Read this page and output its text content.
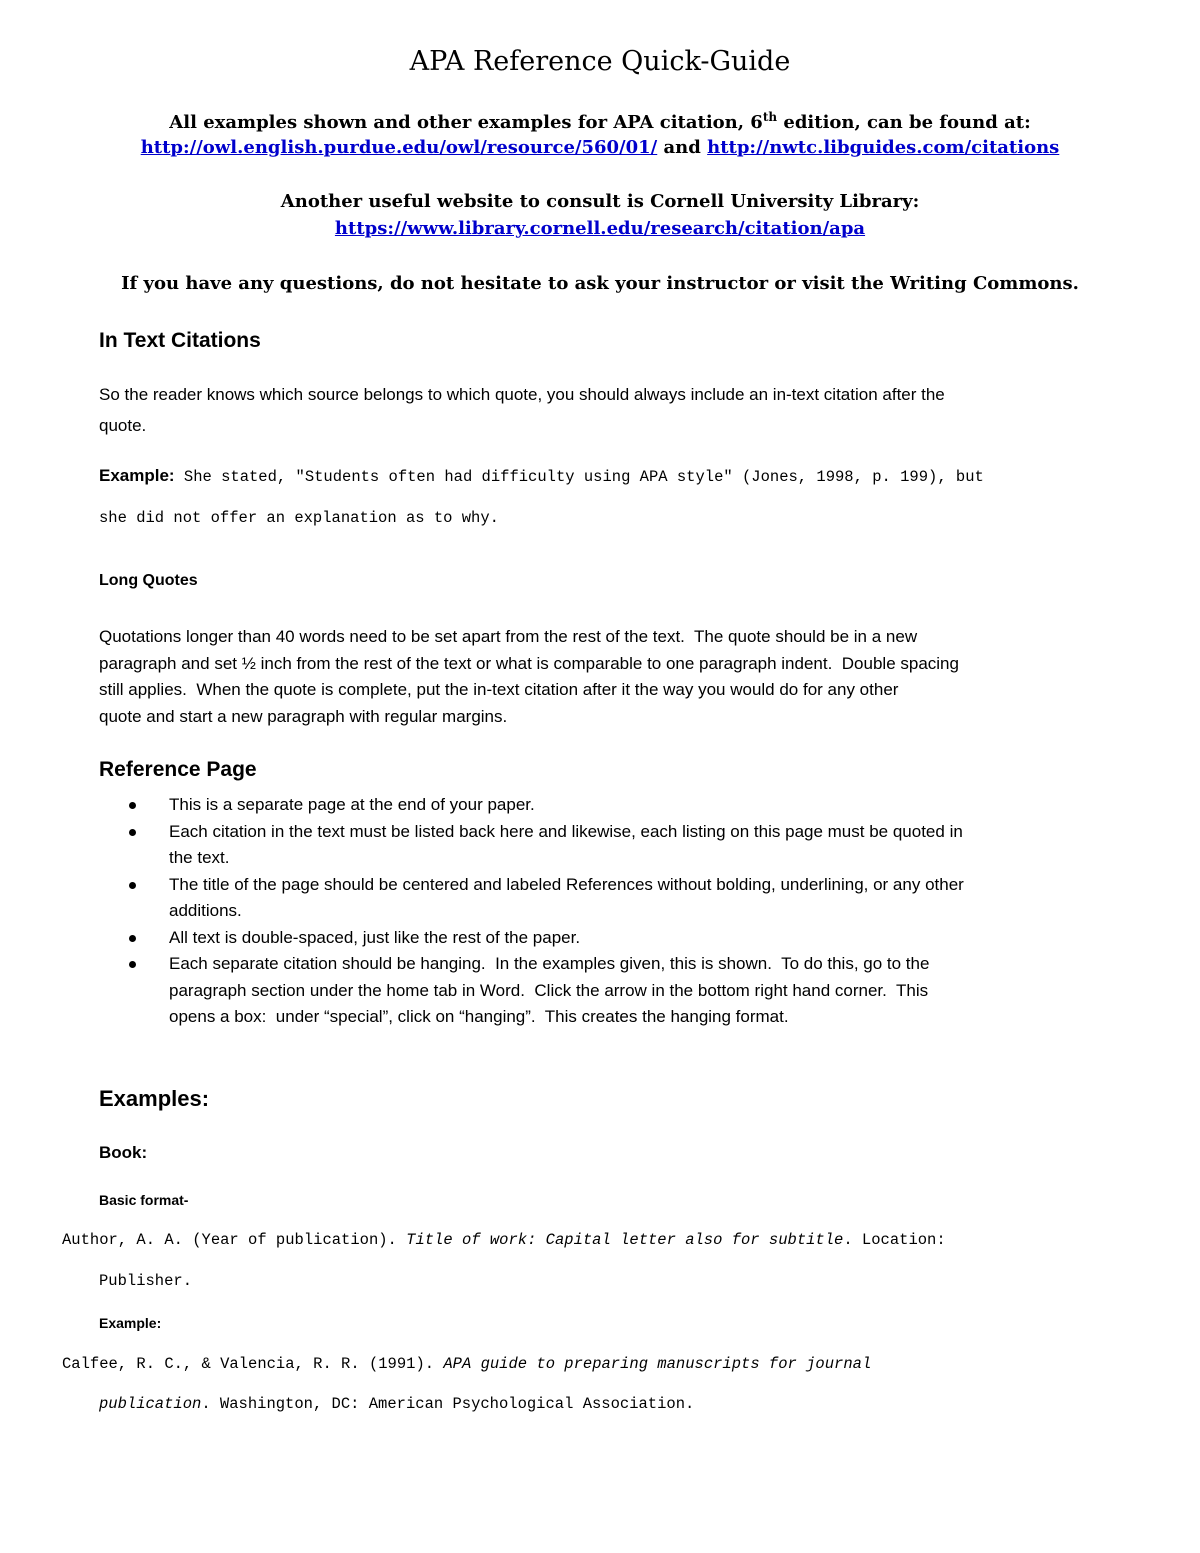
APA Reference Quick-Guide
All examples shown and other examples for APA citation, 6th edition, can be found at:
http://owl.english.purdue.edu/owl/resource/560/01/ and http://nwtc.libguides.com/citations
Another useful website to consult is Cornell University Library:
https://www.library.cornell.edu/research/citation/apa
If you have any questions, do not hesitate to ask your instructor or visit the Writing Commons.
In Text Citations
So the reader knows which source belongs to which quote, you should always include an in-text citation after the
quote.
Example: She stated, "Students often had difficulty using APA style" (Jones, 1998, p. 199), but
she did not offer an explanation as to why.
Long Quotes
Quotations longer than 40 words need to be set apart from the rest of the text.  The quote should be in a new
paragraph and set ½ inch from the rest of the text or what is comparable to one paragraph indent.  Double spacing
still applies.  When the quote is complete, put the in-text citation after it the way you would do for any other
quote and start a new paragraph with regular margins.
Reference Page
This is a separate page at the end of your paper.
Each citation in the text must be listed back here and likewise, each listing on this page must be quoted in
the text.
The title of the page should be centered and labeled References without bolding, underlining, or any other
additions.
All text is double-spaced, just like the rest of the paper.
Each separate citation should be hanging.  In the examples given, this is shown.  To do this, go to the
paragraph section under the home tab in Word.  Click the arrow in the bottom right hand corner.  This
opens a box:  under “special”, click on “hanging”.  This creates the hanging format.
Examples:
Book:
Basic format-
Author, A. A. (Year of publication). Title of work: Capital letter also for subtitle. Location:
Publisher.
Example:
Calfee, R. C., & Valencia, R. R. (1991). APA guide to preparing manuscripts for journal
publication. Washington, DC: American Psychological Association.
